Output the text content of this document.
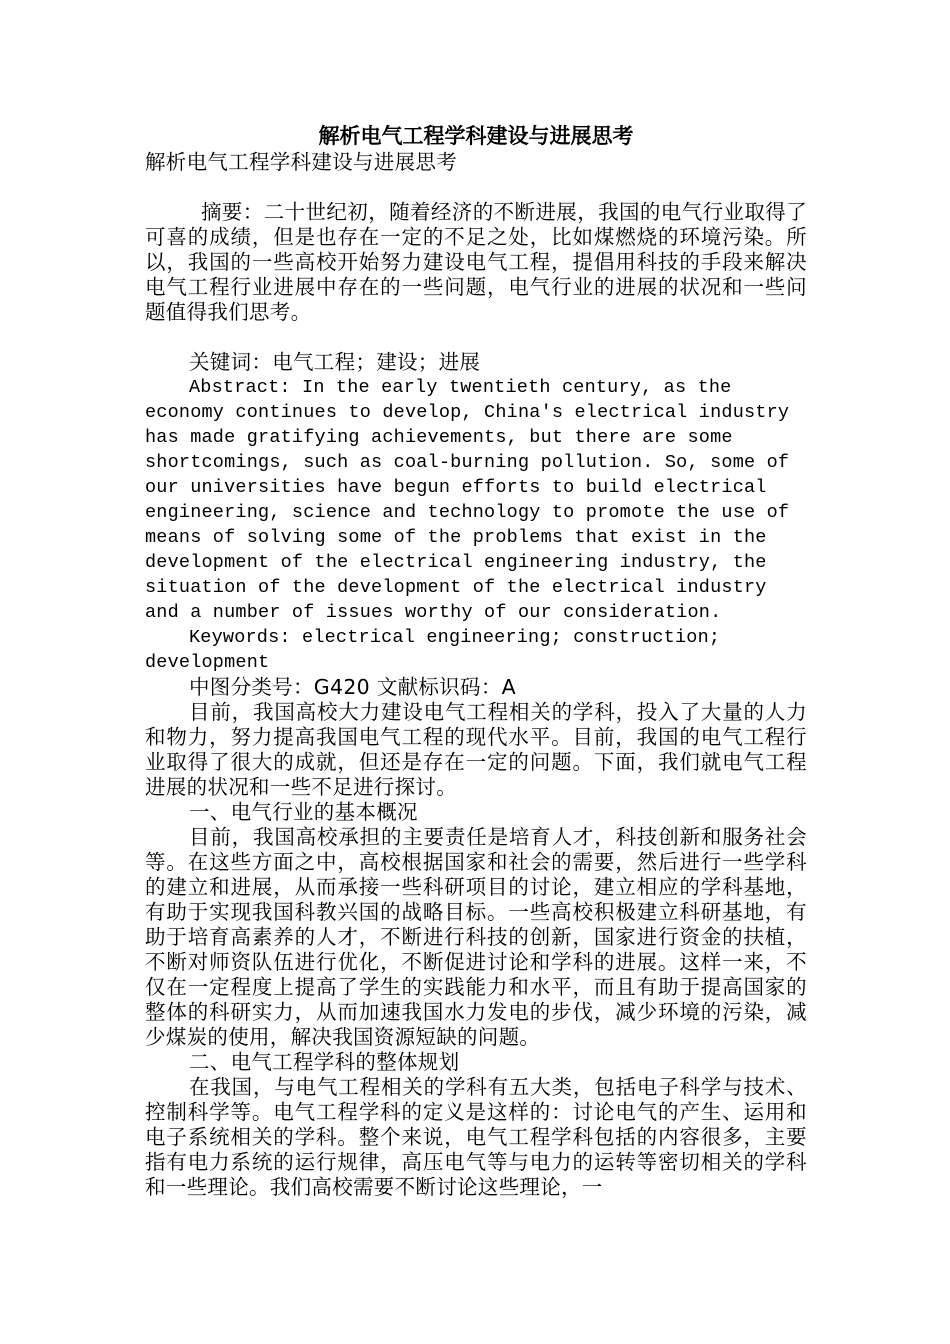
解析电气工程学科建设与进展思考

解析电气工程学科建设与进展思考

摘要：二十世纪初，随着经济的不断进展，我国的电气行业取得了可喜的成绩，但是也存在一定的不足之处，比如煤燃烧的环境污染。所以，我国的一些高校开始努力建设电气工程，提倡用科技的手段来解决电气工程行业进展中存在的一些问题，电气行业的进展的状况和一些问题值得我们思考。

关键词：电气工程；建设；进展

Abstract: In the early twentieth century, as the economy continues to develop, China's electrical industry has made gratifying achievements, but there are some shortcomings, such as coal-burning pollution. So, some of our universities have begun efforts to build electrical engineering, science and technology to promote the use of means of solving some of the problems that exist in the development of the electrical engineering industry, the situation of the development of the electrical industry and a number of issues worthy of our consideration.

Keywords: electrical engineering; construction; development

中图分类号：G420 文献标识码：A

目前，我国高校大力建设电气工程相关的学科，投入了大量的人力和物力，努力提高我国电气工程的现代水平。目前，我国的电气工程行业取得了很大的成就，但还是存在一定的问题。下面，我们就电气工程进展的状况和一些不足进行探讨。

一、电气行业的基本概况

目前，我国高校承担的主要责任是培育人才，科技创新和服务社会等。在这些方面之中，高校根据国家和社会的需要，然后进行一些学科的建立和进展，从而承接一些科研项目的讨论，建立相应的学科基地，有助于实现我国科教兴国的战略目标。一些高校积极建立科研基地，有助于培育高素养的人才，不断进行科技的创新，国家进行资金的扶植，不断对师资队伍进行优化，不断促进讨论和学科的进展。这样一来，不仅在一定程度上提高了学生的实践能力和水平，而且有助于提高国家的整体的科研实力，从而加速我国水力发电的步伐，减少环境的污染，减少煤炭的使用，解决我国资源短缺的问题。

二、电气工程学科的整体规划

在我国，与电气工程相关的学科有五大类，包括电子科学与技术、控制科学等。电气工程学科的定义是这样的：讨论电气的产生、运用和电子系统相关的学科。整个来说，电气工程学科包括的内容很多，主要指有电力系统的运行规律，高压电气等与电力的运转等密切相关的学科和一些理论。我们高校需要不断讨论这些理论，一
